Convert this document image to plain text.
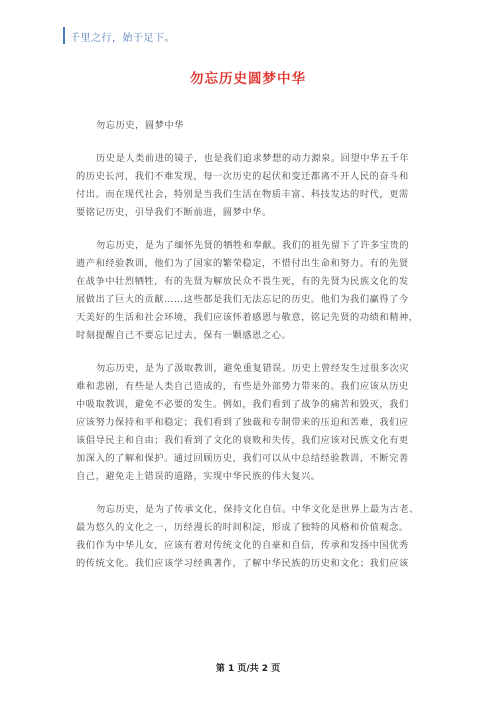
千里之行，始于足下。
勿忘历史圆梦中华
勿忘历史，圆梦中华
历史是人类前进的镜子，也是我们追求梦想的动力源泉。回望中华五千年
的历史长河，我们不难发现，每一次历史的起伏和变迁都离不开人民的奋斗和
付出。而在现代社会，特别是当我们生活在物质丰富、科技发达的时代，更需
要铭记历史，引导我们不断前进，圆梦中华。
勿忘历史，是为了缅怀先贤的牺牲和奉献。我们的祖先留下了许多宝贵的
遗产和经验教训，他们为了国家的繁荣稳定，不惜付出生命和努力。有的先贤
在战争中壮烈牺牲，有的先贤为解放民众不畏生死，有的先贤为民族文化的发
展做出了巨大的贡献……这些都是我们无法忘记的历史。他们为我们赢得了今
天美好的生活和社会环境，我们应该怀着感恩与敬意，铭记先贤的功绩和精神，
时刻提醒自己不要忘记过去，保有一颗感恩之心。
勿忘历史，是为了汲取教训，避免重复错误。历史上曾经发生过很多次灾
难和悲剧，有些是人类自己造成的，有些是外部势力带来的。我们应该从历史
中吸取教训，避免不必要的发生。例如，我们看到了战争的痛苦和毁灭，我们
应该努力保持和平和稳定；我们看到了独裁和专制带来的压迫和苦难，我们应
该倡导民主和自由；我们看到了文化的衰败和失传，我们应该对民族文化有更
加深入的了解和保护。通过回顾历史，我们可以从中总结经验教训，不断完善
自己，避免走上错误的道路，实现中华民族的伟大复兴。
勿忘历史，是为了传承文化，保持文化自信。中华文化是世界上最为古老、
最为悠久的文化之一，历经漫长的时间积淀，形成了独特的风格和价值观念。
我们作为中华儿女，应该有着对传统文化的自豪和自信，传承和发扬中国优秀
的传统文化。我们应该学习经典著作，了解中华民族的历史和文化；我们应该
第 1 页/共 2 页
